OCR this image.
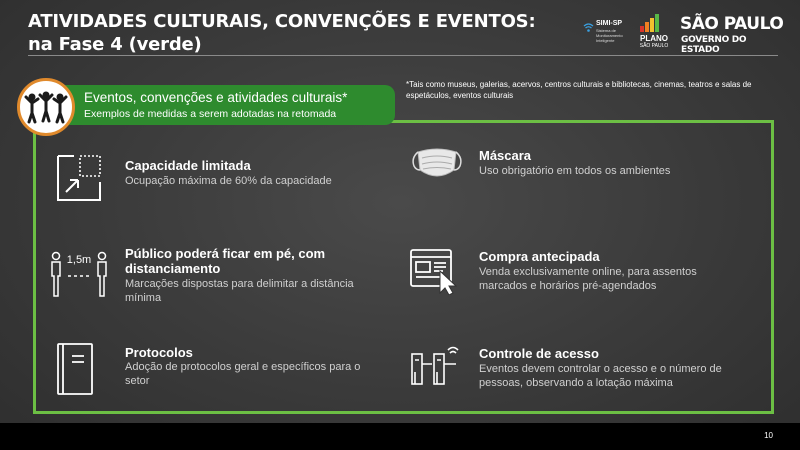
ATIVIDADES CULTURAIS, CONVENÇÕES E EVENTOS:
na Fase 4 (verde)
SIMI-SP
Sistema de Monitoramento Inteligente	PLANO
SÃO PAULO
SÃO PAULO
GOVERNO DO ESTADO
*Tais como museus, galerias, acervos, centros culturais e bibliotecas, cinemas, teatros e salas de espetáculos, eventos culturais
Eventos, convenções e atividades culturais*
Exemplos de medidas a serem adotadas na retomada
Capacidade limitada
Ocupação máxima de 60% da capacidade
Máscara
Uso obrigatório em todos os ambientes
1,5m	Público poderá ficar em pé, com distanciamento
Marcações dispostas para delimitar a distância mínima
Compra antecipada
Venda exclusivamente online, para assentos marcados e horários pré-agendados
Protocolos
Adoção de protocolos geral e específicos para o setor
Controle de acesso
Eventos devem controlar o acesso e o número de pessoas, observando a lotação máxima
10
